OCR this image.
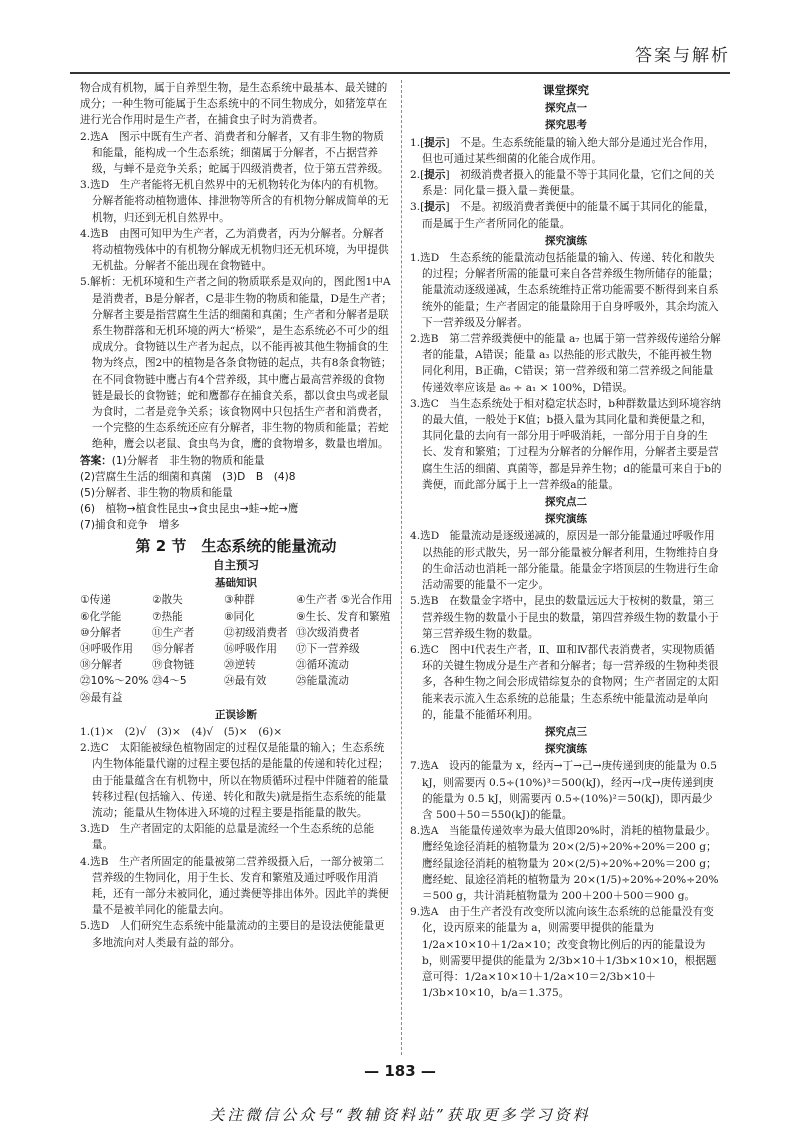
答案与解析

物合成有机物，属于自养型生物，是生态系统中最基本、最关键的成分；一种生物可能属于生态系统中的不同生物成分，如猪笼草在进行光合作用时是生产者，在捕食虫子时为消费者。

2.选A　图示中既有生产者、消费者和分解者，又有非生物的物质和能量，能构成一个生态系统；细菌属于分解者，不占据营养级，与蝉不是竞争关系；蛇属于四级消费者，位于第五营养级。

3.选D　生产者能将无机自然界中的无机物转化为体内的有机物。分解者能将动植物遗体、排泄物等所含的有机物分解成简单的无机物，归还到无机自然界中。

4.选B　由图可知甲为生产者，乙为消费者，丙为分解者。分解者将动植物残体中的有机物分解成无机物归还无机环境，为甲提供无机盐。分解者不能出现在食物链中。

5.解析：无机环境和生产者之间的物质联系是双向的，图此图1中A是消费者，B是分解者，C是非生物的物质和能量，D是生产者；分解者主要是指营腐生生活的细菌和真菌；生产者和分解者是联系生物群落和无机环境的两大“桥梁”，是生态系统必不可少的组成成分。食物链以生产者为起点，以不能再被其他生物捕食的生物为终点，图2中的植物是各条食物链的起点，共有8条食物链；在不同食物链中鹰占有4个营养级，其中鹰占最高营养级的食物链是最长的食物链；蛇和鹰都存在捕食关系，都以食虫鸟或老鼠为食时，二者是竞争关系；该食物网中只包括生产者和消费者，一个完整的生态系统还应有分解者，非生物的物质和能量；若蛇绝种，鹰会以老鼠、食虫鸟为食，鹰的食物增多，数量也增加。

答案：(1)分解者　非生物的物质和能量

(2)营腐生生活的细菌和真菌　(3)D　B　(4)8

(5)分解者、非生物的物质和能量

(6)　植物→植食性昆虫→食虫昆虫→蛙→蛇→鹰

(7)捕食和竞争　增多

第 2 节　生态系统的能量流动
自主预习
基础知识
①传递	②散失	③种群	④生产者 ⑤光合作用
⑥化学能	⑦热能	⑧同化	⑨生长、发育和繁殖
⑩分解者	⑪生产者	⑫初级消费者 ⑬次级消费者
⑭呼吸作用	⑮分解者	⑯呼吸作用	⑰下一营养级
⑱分解者	⑲食物链	⑳逆转	㉑循环流动
㉒10%～20% ㉓4～5	㉔最有效	㉕能量流动
㉖最有益
正误诊断

1.(1)×　(2)√　(3)×　(4)√　(5)×　(6)×

2.选C　太阳能被绿色植物固定的过程仅是能量的输入；生态系统内生物体能量代谢的过程主要包括的是能量的传递和转化过程；由于能量蕴含在有机物中，所以在物质循环过程中伴随着的能量转移过程(包括输入、传递、转化和散失)就是指生态系统的能量流动；能量从生物体进入环境的过程主要是指能量的散失。

3.选D　生产者固定的太阳能的总量是流经一个生态系统的总能量。

4.选B　生产者所固定的能量被第二营养级摄入后，一部分被第二营养级的生物同化，用于生长、发育和繁殖及通过呼吸作用消耗，还有一部分未被同化，通过粪便等排出体外。因此羊的粪便量不是被羊同化的能量去向。

5.选D　人们研究生态系统中能量流动的主要目的是设法使能量更多地流向对人类最有益的部分。

课堂探究
探究点一
探究思考

1.[提示]　不是。生态系统能量的输入绝大部分是通过光合作用，但也可通过某些细菌的化能合成作用。

2.[提示]　初级消费者摄入的能量不等于其同化量，它们之间的关系是：同化量＝摄入量－粪便量。

3.[提示]　不是。初级消费者粪便中的能量不属于其同化的能量，而是属于生产者所同化的能量。

探究演练

1.选D　生态系统的能量流动包括能量的输入、传递、转化和散失的过程；分解者所需的能量可来自各营养级生物所储存的能量；能量流动逐级递减，生态系统维持正常功能需要不断得到来自系统外的能量；生产者固定的能量除用于自身呼吸外，其余均流入下一营养级及分解者。

2.选B　第二营养级粪便中的能量 a₇ 也属于第一营养级传递给分解者的能量，A错误；能量 a₃ 以热能的形式散失，不能再被生物同化利用，B正确，C错误；第一营养级和第二营养级之间能量传递效率应该是 a₆ ÷ a₁ × 100%，D错误。

3.选C　当生态系统处于相对稳定状态时，b种群数量达到环境容纳的最大值，一般处于K值；b摄入量为其同化量和粪便量之和，其同化量的去向有一部分用于呼吸消耗，一部分用于自身的生长、发育和繁殖；丁过程为分解者的分解作用，分解者主要是营腐生生活的细菌、真菌等，都是异养生物；d的能量可来自于b的粪便，而此部分属于上一营养级a的能量。

探究点二
探究演练

4.选D　能量流动是逐级递减的，原因是一部分能量通过呼吸作用以热能的形式散失，另一部分能量被分解者利用，生物维持自身的生命活动也消耗一部分能量。能量金字塔顶层的生物进行生命活动需要的能量不一定少。

5.选B　在数量金字塔中，昆虫的数量远远大于桉树的数量，第三营养级生物的数量小于昆虫的数量，第四营养级生物的数量小于第三营养级生物的数量。

6.选C　图中Ⅰ代表生产者，Ⅱ、Ⅲ和Ⅳ都代表消费者，实现物质循环的关键生物成分是生产者和分解者；每一营养级的生物种类很多，各种生物之间会形成错综复杂的食物网；生产者固定的太阳能来表示流入生态系统的总能量；生态系统中能量流动是单向的，能量不能循环利用。

探究点三
探究演练

7.选A　设丙的能量为 x，经丙→丁→己→庚传递到庚的能量为 0.5 kJ，则需要丙 0.5÷(10%)³＝500(kJ)，经丙→戊→庚传递到庚的能量为 0.5 kJ，则需要丙 0.5÷(10%)²＝50(kJ)，即丙最少含 500＋50＝550(kJ)的能量。

8.选A　当能量传递效率为最大值即20%时，消耗的植物量最少。鹰经兔途径消耗的植物量为 20×(2/5)÷20%÷20%＝200 g；鹰经鼠途径消耗的植物量为 20×(2/5)÷20%÷20%＝200 g；鹰经蛇、鼠途径消耗的植物量为 20×(1/5)÷20%÷20%÷20%＝500 g，共计消耗植物量为 200＋200＋500＝900 g。

9.选A　由于生产者没有改变所以流向该生态系统的总能量没有变化，设丙原来的能量为 a，则需要甲提供的能量为 1/2a×10×10＋1/2a×10；改变食物比例后的丙的能量设为 b，则需要甲提供的能量为 2/3b×10＋1/3b×10×10，根据题意可得：1/2a×10×10＋1/2a×10＝2/3b×10＋1/3b×10×10，b/a＝1.375。

— 183 —
关注微信公众号“教辅资料站”获取更多学习资料
